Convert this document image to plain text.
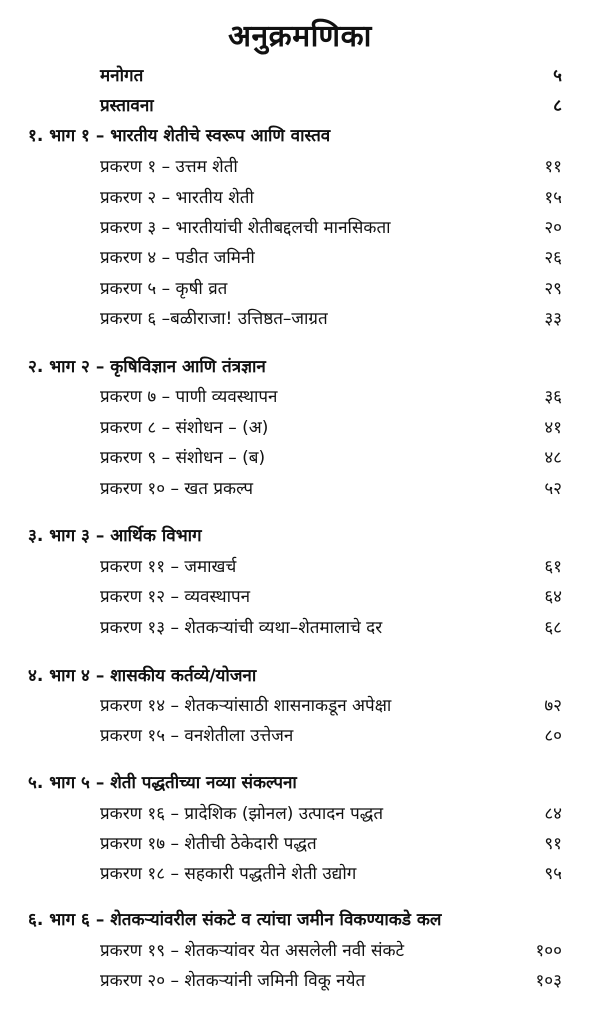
अनुक्रमणिका
मनोगत	५
प्रस्तावना	८
१. भाग १ – भारतीय शेतीचे स्वरूप आणि वास्तव
प्रकरण १ – उत्तम शेती	११
प्रकरण २ – भारतीय शेती	१५
प्रकरण ३ – भारतीयांची शेतीबद्दलची मानसिकता	२०
प्रकरण ४ – पडीत जमिनी	२६
प्रकरण ५ – कृषी व्रत	२९
प्रकरण ६ –बळीराजा! उत्तिष्ठत–जाग्रत	३३
२. भाग २ – कृषिविज्ञान आणि तंत्रज्ञान
प्रकरण ७ – पाणी व्यवस्थापन	३६
प्रकरण ८ – संशोधन – (अ)	४१
प्रकरण ९ – संशोधन – (ब)	४८
प्रकरण १० – खत प्रकल्प	५२
३. भाग ३ – आर्थिक विभाग
प्रकरण ११ – जमाखर्च	६१
प्रकरण १२ – व्यवस्थापन	६४
प्रकरण १३ – शेतकऱ्यांची व्यथा–शेतमालाचे दर	६८
४. भाग ४ – शासकीय कर्तव्ये/योजना
प्रकरण १४ – शेतकऱ्यांसाठी शासनाकडून अपेक्षा	७२
प्रकरण १५ – वनशेतीला उत्तेजन	८०
५. भाग ५ – शेती पद्धतीच्या नव्या संकल्पना
प्रकरण १६ – प्रादेशिक (झोनल) उत्पादन पद्धत	८४
प्रकरण १७ – शेतीची ठेकेदारी पद्धत	९१
प्रकरण १८ – सहकारी पद्धतीने शेती उद्योग	९५
६. भाग ६ – शेतकऱ्यांवरील संकटे व त्यांचा जमीन विकण्याकडे कल
प्रकरण १९ – शेतकऱ्यांवर येत असलेली नवी संकटे	१००
प्रकरण २० – शेतकऱ्यांनी जमिनी विकू नयेत	१०३
